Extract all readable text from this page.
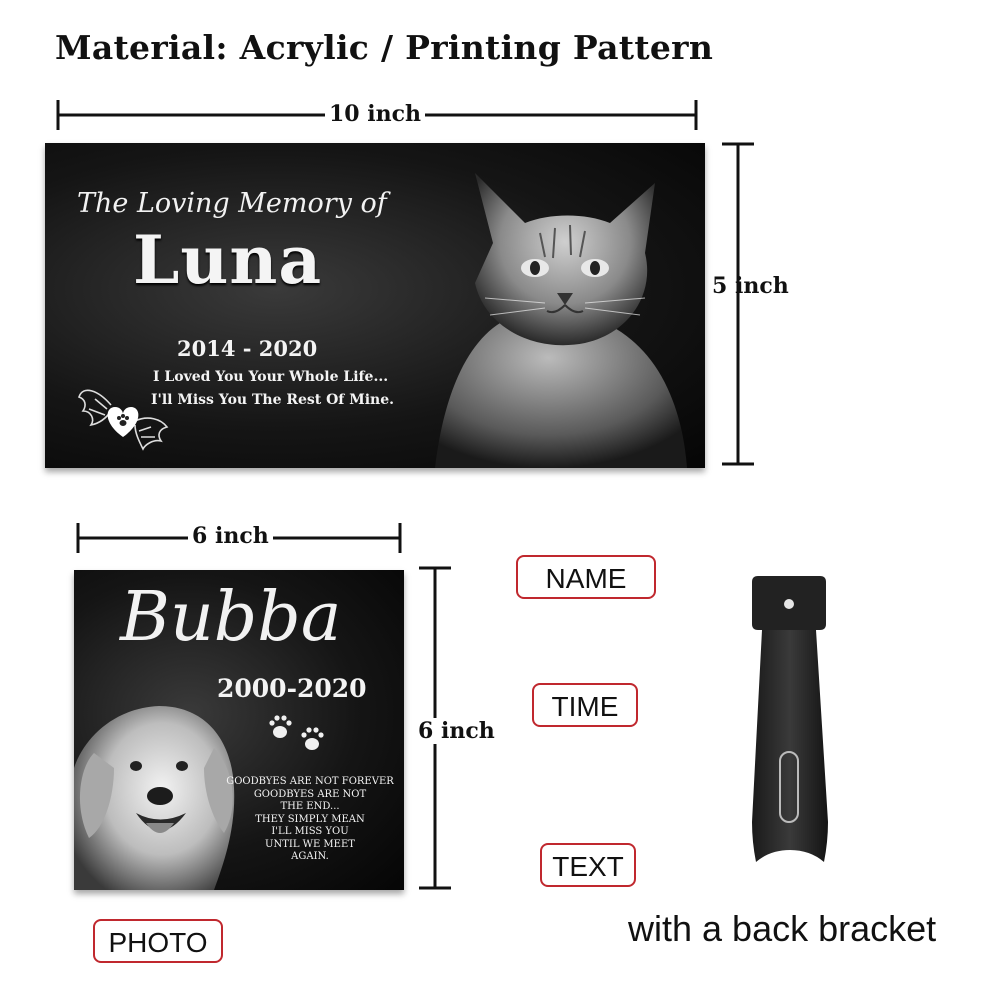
Material: Acrylic / Printing Pattern
10 inch
The Loving Memory of
Luna
2014 - 2020
I Loved You Your Whole Life...
I'll Miss You The Rest Of Mine.
5 inch
6 inch
Bubba
2000-2020
GOODBYES ARE NOT FOREVER
GOODBYES ARE NOT
THE END...
THEY SIMPLY MEAN
I'LL MISS YOU
UNTIL WE MEET
AGAIN.
6 inch
NAME
TIME
TEXT
PHOTO	with a back bracket
